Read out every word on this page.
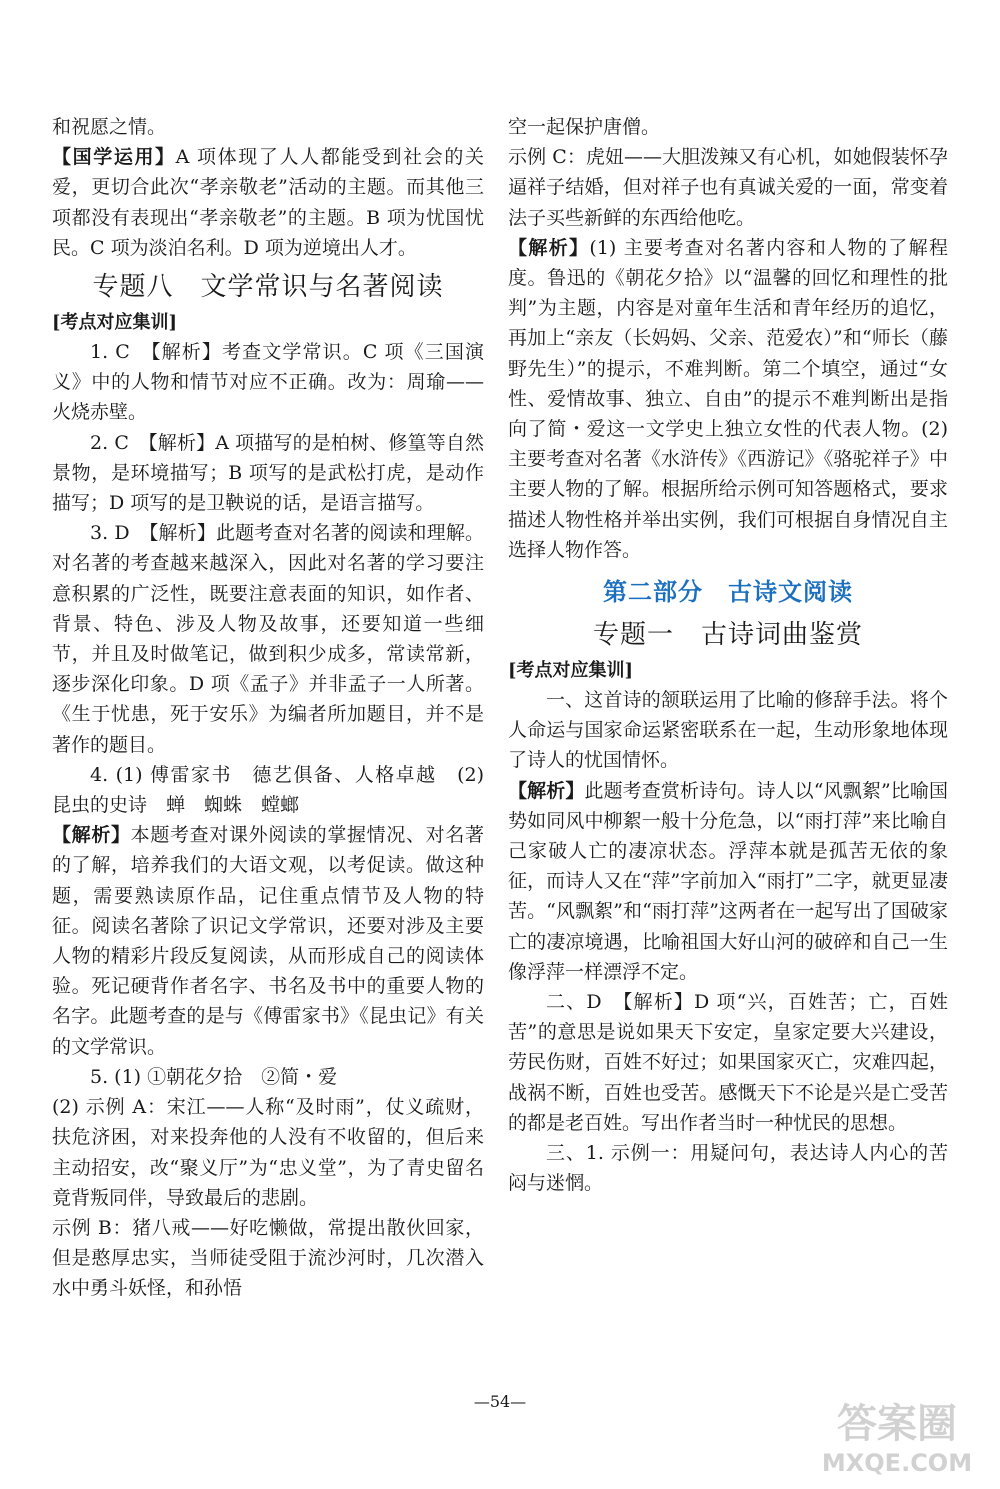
和祝愿之情。

【国学运用】A 项体现了人人都能受到社会的关爱，更切合此次“孝亲敬老”活动的主题。而其他三项都没有表现出“孝亲敬老”的主题。B 项为忧国忧民。C 项为淡泊名利。D 项为逆境出人才。

专题八　文学常识与名著阅读
[考点对应集训]

1. C　【解析】考查文学常识。C 项《三国演义》中的人物和情节对应不正确。改为：周瑜——火烧赤壁。

2. C　【解析】A 项描写的是柏树、修篁等自然景物，是环境描写；B 项写的是武松打虎，是动作描写；D 项写的是卫鞅说的话，是语言描写。

3. D　【解析】此题考查对名著的阅读和理解。对名著的考查越来越深入，因此对名著的学习要注意积累的广泛性，既要注意表面的知识，如作者、背景、特色、涉及人物及故事，还要知道一些细节，并且及时做笔记，做到积少成多，常读常新，逐步深化印象。D 项《孟子》并非孟子一人所著。《生于忧患，死于安乐》为编者所加题目，并不是著作的题目。

4. (1) 傅雷家书　德艺俱备、人格卓越　(2) 昆虫的史诗　蝉　蜘蛛　螳螂

【解析】本题考查对课外阅读的掌握情况、对名著的了解，培养我们的大语文观，以考促读。做这种题，需要熟读原作品，记住重点情节及人物的特征。阅读名著除了识记文学常识，还要对涉及主要人物的精彩片段反复阅读，从而形成自己的阅读体验。死记硬背作者名字、书名及书中的重要人物的名字。此题考查的是与《傅雷家书》《昆虫记》有关的文学常识。

5. (1) ①朝花夕拾　②简・爱

(2) 示例 A：宋江——人称“及时雨”，仗义疏财，扶危济困，对来投奔他的人没有不收留的，但后来主动招安，改“聚义厅”为“忠义堂”，为了青史留名竟背叛同伴，导致最后的悲剧。

示例 B：猪八戒——好吃懒做，常提出散伙回家，但是憨厚忠实，当师徒受阻于流沙河时，几次潜入水中勇斗妖怪，和孙悟

空一起保护唐僧。

示例 C：虎妞——大胆泼辣又有心机，如她假装怀孕逼祥子结婚，但对祥子也有真诚关爱的一面，常变着法子买些新鲜的东西给他吃。

【解析】(1) 主要考查对名著内容和人物的了解程度。鲁迅的《朝花夕拾》以“温馨的回忆和理性的批判”为主题，内容是对童年生活和青年经历的追忆，再加上“亲友（长妈妈、父亲、范爱农）”和“师长（藤野先生）”的提示，不难判断。第二个填空，通过“女性、爱情故事、独立、自由”的提示不难判断出是指向了简・爱这一文学史上独立女性的代表人物。(2) 主要考查对名著《水浒传》《西游记》《骆驼祥子》中主要人物的了解。根据所给示例可知答题格式，要求描述人物性格并举出实例，我们可根据自身情况自主选择人物作答。

第二部分　古诗文阅读
专题一　古诗词曲鉴赏
[考点对应集训]

一、这首诗的颔联运用了比喻的修辞手法。将个人命运与国家命运紧密联系在一起，生动形象地体现了诗人的忧国情怀。

【解析】此题考查赏析诗句。诗人以“风飘絮”比喻国势如同风中柳絮一般十分危急，以“雨打萍”来比喻自己家破人亡的凄凉状态。浮萍本就是孤苦无依的象征，而诗人又在“萍”字前加入“雨打”二字，就更显凄苦。“风飘絮”和“雨打萍”这两者在一起写出了国破家亡的凄凉境遇，比喻祖国大好山河的破碎和自己一生像浮萍一样漂浮不定。

二、D　【解析】D 项“兴，百姓苦；亡，百姓苦”的意思是说如果天下安定，皇家定要大兴建设，劳民伤财，百姓不好过；如果国家灭亡，灾难四起，战祸不断，百姓也受苦。感慨天下不论是兴是亡受苦的都是老百姓。写出作者当时一种忧民的思想。

三、1. 示例一：用疑问句，表达诗人内心的苦闷与迷惘。

—54—	答案圈
MXQE.COM
